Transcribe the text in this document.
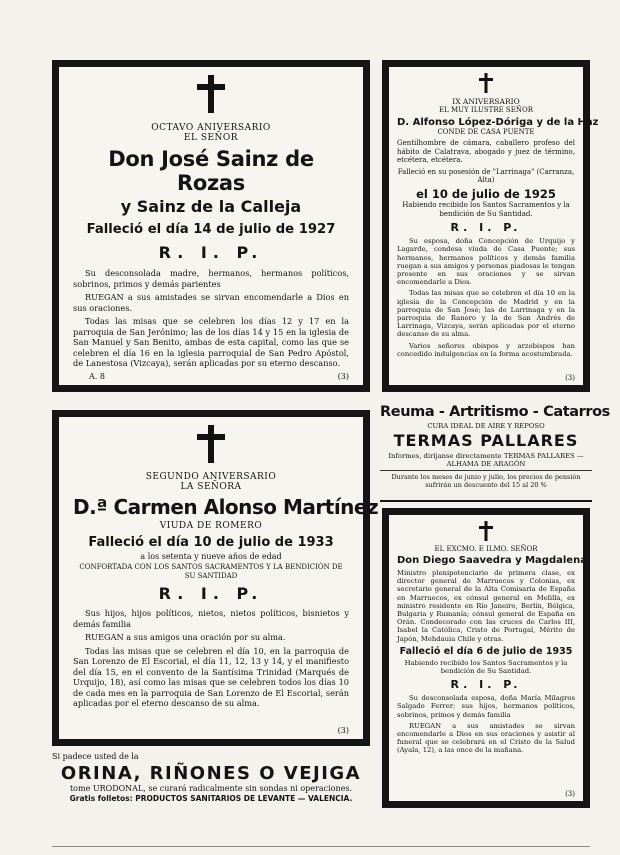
OCTAVO ANIVERSARIO
EL SEÑOR
Don José Sainz de Rozas
y Sainz de la Calleja
Falleció el día 14 de julio de 1927
R. I. P.

Su desconsolada madre, hermanos, hermanos políticos, sobrinos, primos y demás parientes

RUEGAN a sus amistades se sirvan encomendarle a Dios en sus oraciones.

Todas las misas que se celebren los días 12 y 17 en la parroquia de San Jerónimo; las de los días 14 y 15 en la iglesia de San Manuel y San Benito, ambas de esta capital, como las que se celebren el día 16 en la iglesia parroquial de San Pedro Apóstol, de Lanestosa (Vizcaya), serán aplicadas por su eterno descanso.

A. 8	(3)
IX ANIVERSARIO
EL MUY ILUSTRE SEÑOR
D. Alfonso López-Dóriga y de la Haz
CONDE DE CASA PUENTE
Gentilhombre de cámara, caballero profeso del hábito de Calatrava, abogado y juez de término, etcétera, etcétera.
Falleció en su posesión de "Larrinaga" (Carranza, Alta)
el 10 de julio de 1925
Habiendo recibido los Santos Sacramentos y la bendición de Su Santidad.
R. I. P.

Su esposa, doña Concepción de Urquijo y Lagarde, condesa viuda de Casa Puente; sus hermanos, hermanos políticos y demás familia ruegan a sus amigos y personas piadosas le tengan presente en sus oraciones y se sirvan encomendarle a Dios.

Todas las misas que se celebren el día 10 en la iglesia de la Concepción de Madrid y en la parroquia de San José; las de Larrinaga y en la parroquia de Ranero y la de San Andrés de Larrinaga, Vizcaya, serán aplicadas por el eterno descanso de su alma.

Varios señores obispos y arzobispos han concedido indulgencias en la forma acostumbrada.

(3)
Reuma - Artritismo - Catarros
CURA IDEAL DE AIRE Y REPOSO
TERMAS PALLARES
Informes, diríjanse directamente TERMAS PALLARES — ALHAMA DE ARAGÓN
Durante los meses de junio y julio, los precios de pensión sufrirán un descuento del 15 al 20 %
SEGUNDO ANIVERSARIO
LA SEÑORA
D.ª Carmen Alonso Martínez
VIUDA DE ROMERO
Falleció el día 10 de julio de 1933
a los setenta y nueve años de edad
CONFORTADA CON LOS SANTOS SACRAMENTOS Y LA BENDICIÓN DE SU SANTIDAD
R. I. P.

Sus hijos, hijos políticos, nietos, nietos políticos, bisnietos y demás familia

RUEGAN a sus amigos una oración por su alma.

Todas las misas que se celebren el día 10, en la parroquia de San Lorenzo de El Escorial, el día 11, 12, 13 y 14, y el manifiesto del día 15, en el convento de la Santísima Trinidad (Marqués de Urquijo, 18), así como las misas que se celebren todos los días 10 de cada mes en la parroquia de San Lorenzo de El Escorial, serán aplicadas por el eterno descanso de su alma.

(3)
EL EXCMO. E ILMO. SEÑOR
Don Diego Saavedra y Magdalena
Ministro plenipotenciario de primera clase, ex director general de Marruecos y Colonias, ex secretario general de la Alta Comisaría de España en Marruecos, ex cónsul general en Melilla, ex ministro residente en Río Janeiro, Berlín, Bélgica, Bulgaria y Rumanía; cónsul general de España en Orán. Condecorado con las cruces de Carlos III, Isabel la Católica, Cristo de Portugal, Mérito de Japón, Mehdauia Chile y otras.
Falleció el día 6 de julio de 1935
Habiendo recibido los Santos Sacramentos y la bendición de Su Santidad.
R. I. P.

Su desconsolada esposa, doña María Milagros Salgado Ferrer; sus hijos, hermanos políticos, sobrinos, primos y demás familia

RUEGAN a sus amistades se sirvan encomendarle a Dios en sus oraciones y asistir al funeral que se celebrará en el Cristo de la Salud (Ayala, 12), a las once de la mañana.

(3)
Si padece usted de la
ORINA, RIÑONES O VEJIGA
tome URODONAL, se curará radicalmente sin sondas ni operaciones.
Gratis folletos: PRODUCTOS SANITARIOS DE LEVANTE — VALENCIA.
